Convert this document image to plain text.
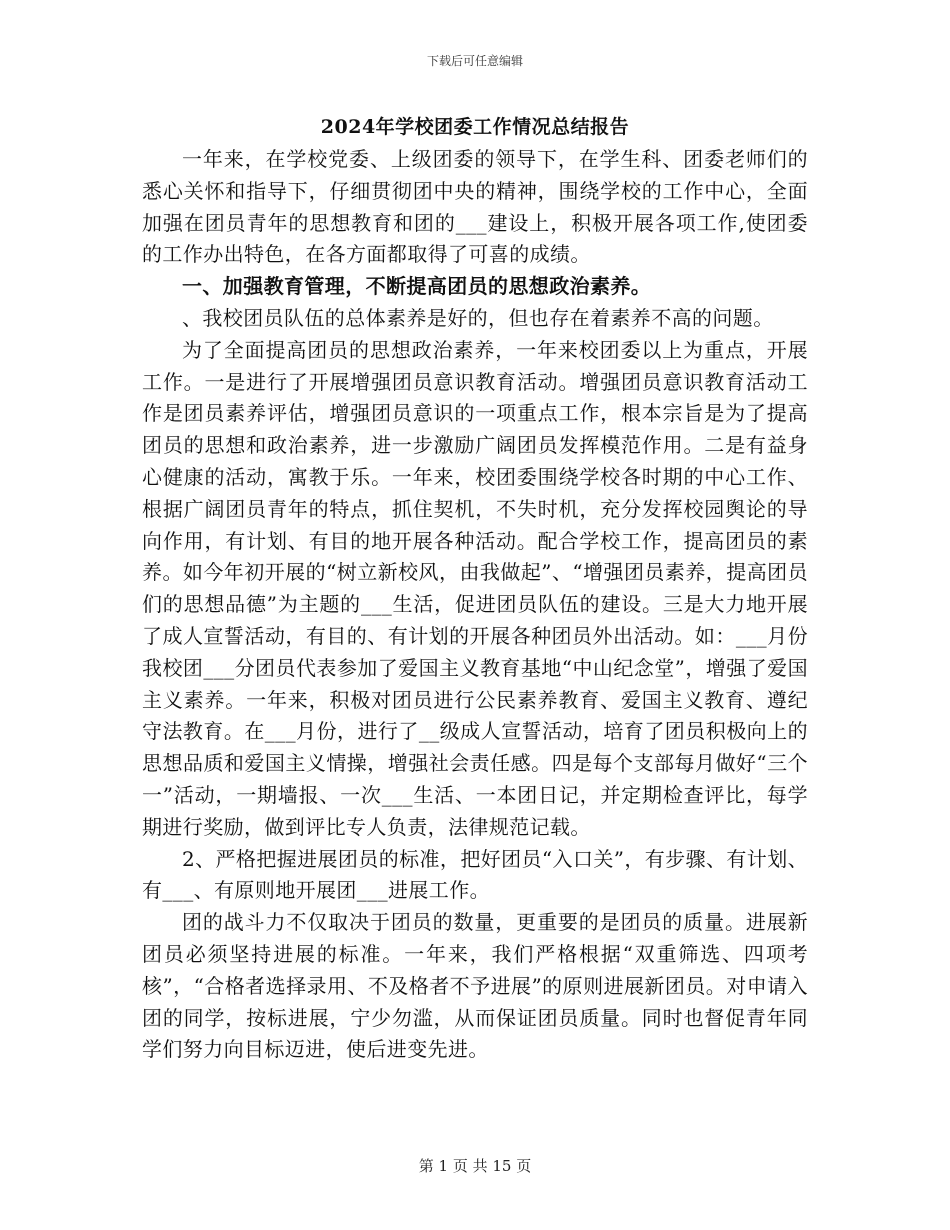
下载后可任意编辑
2024年学校团委工作情况总结报告

一年来，在学校党委、上级团委的领导下，在学生科、团委老师们的悉心关怀和指导下，仔细贯彻团中央的精神，围绕学校的工作中心，全面加强在团员青年的思想教育和团的___建设上，积极开展各项工作,使团委的工作办出特色，在各方面都取得了可喜的成绩。

一、加强教育管理，不断提高团员的思想政治素养。

、我校团员队伍的总体素养是好的，但也存在着素养不高的问题。

为了全面提高团员的思想政治素养，一年来校团委以上为重点，开展工作。一是进行了开展增强团员意识教育活动。增强团员意识教育活动工作是团员素养评估，增强团员意识的一项重点工作，根本宗旨是为了提高团员的思想和政治素养，进一步激励广阔团员发挥模范作用。二是有益身心健康的活动，寓教于乐。一年来，校团委围绕学校各时期的中心工作、根据广阔团员青年的特点，抓住契机，不失时机，充分发挥校园舆论的导向作用，有计划、有目的地开展各种活动。配合学校工作，提高团员的素养。如今年初开展的“树立新校风，由我做起”、“增强团员素养，提高团员们的思想品德”为主题的___生活，促进团员队伍的建设。三是大力地开展了成人宣誓活动，有目的、有计划的开展各种团员外出活动。如：___月份我校团___分团员代表参加了爱国主义教育基地“中山纪念堂”，增强了爱国主义素养。一年来，积极对团员进行公民素养教育、爱国主义教育、遵纪守法教育。在___月份，进行了__级成人宣誓活动，培育了团员积极向上的思想品质和爱国主义情操，增强社会责任感。四是每个支部每月做好“三个一”活动，一期墙报、一次___生活、一本团日记，并定期检查评比，每学期进行奖励，做到评比专人负责，法律规范记载。

2、严格把握进展团员的标准，把好团员“入口关”，有步骤、有计划、有___、有原则地开展团___进展工作。

团的战斗力不仅取决于团员的数量，更重要的是团员的质量。进展新团员必须坚持进展的标准。一年来，我们严格根据“双重筛选、四项考核”，“合格者选择录用、不及格者不予进展”的原则进展新团员。对申请入团的同学，按标进展，宁少勿滥，从而保证团员质量。同时也督促青年同学们努力向目标迈进，使后进变先进。

第 1 页 共 15 页
